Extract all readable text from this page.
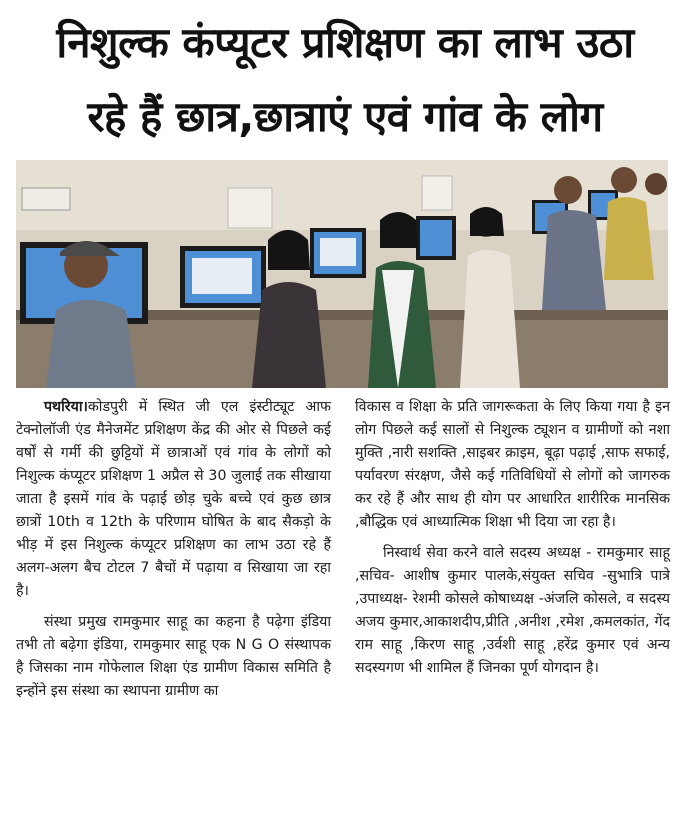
निशुल्क कंप्यूटर प्रशिक्षण का लाभ उठा
रहे हैं छात्र,छात्राएं एवं गांव के लोग

पथरिया।कोडपुरी में स्थित जी एल इंस्टीट्यूट आफ टेक्नोलॉजी एंड मैनेजमेंट प्रशिक्षण केंद्र की ओर से पिछले कई वर्षों से गर्मी की छुट्टियों में छात्राओं एवं गांव के लोगों को निशुल्क कंप्यूटर प्रशिक्षण 1 अप्रैल से 30 जुलाई तक सीखाया जाता है इसमें गांव के पढ़ाई छोड़ चुके बच्चे एवं कुछ छात्र छात्रों 10th व 12th के परिणाम घोषित के बाद सैकड़ो के भीड़ में इस निशुल्क कंप्यूटर प्रशिक्षण का लाभ उठा रहे हैं अलग-अलग बैच टोटल 7 बैचों में पढ़ाया व सिखाया जा रहा है।

संस्था प्रमुख रामकुमार साहू का कहना है पढ़ेगा इंडिया तभी तो बढ़ेगा इंडिया, रामकुमार साहू एक N G O संस्थापक है जिसका नाम गोफेलाल शिक्षा एंड ग्रामीण विकास समिति है इन्होंने इस संस्था का स्थापना ग्रामीण का

विकास व शिक्षा के प्रति जागरूकता के लिए किया गया है इन लोग पिछले कई सालों से निशुल्क ट्यूशन व ग्रामीणों को नशा मुक्ति ,नारी सशक्ति ,साइबर क्राइम, बूढ़ा पढ़ाई ,साफ सफाई, पर्यावरण संरक्षण, जैसे कई गतिविधियों से लोगों को जागरुक कर रहे हैं और साथ ही योग पर आधारित शारीरिक मानसिक ,बौद्धिक एवं आध्यात्मिक शिक्षा भी दिया जा रहा है।

निस्वार्थ सेवा करने वाले सदस्य अध्यक्ष - रामकुमार साहू ,सचिव- आशीष कुमार पालके,संयुक्त सचिव -सुभात्रि पात्रे ,उपाध्यक्ष- रेशमी कोसले कोषाध्यक्ष -अंजलि कोसले, व सदस्य अजय कुमार,आकाशदीप,प्रीति ,अनीश ,रमेश ,कमलकांत, गेंद राम साहू ,किरण साहू ,उर्वशी साहू ,हरेंद्र कुमार एवं अन्य सदस्यगण भी शामिल हैं जिनका पूर्ण योगदान है।
